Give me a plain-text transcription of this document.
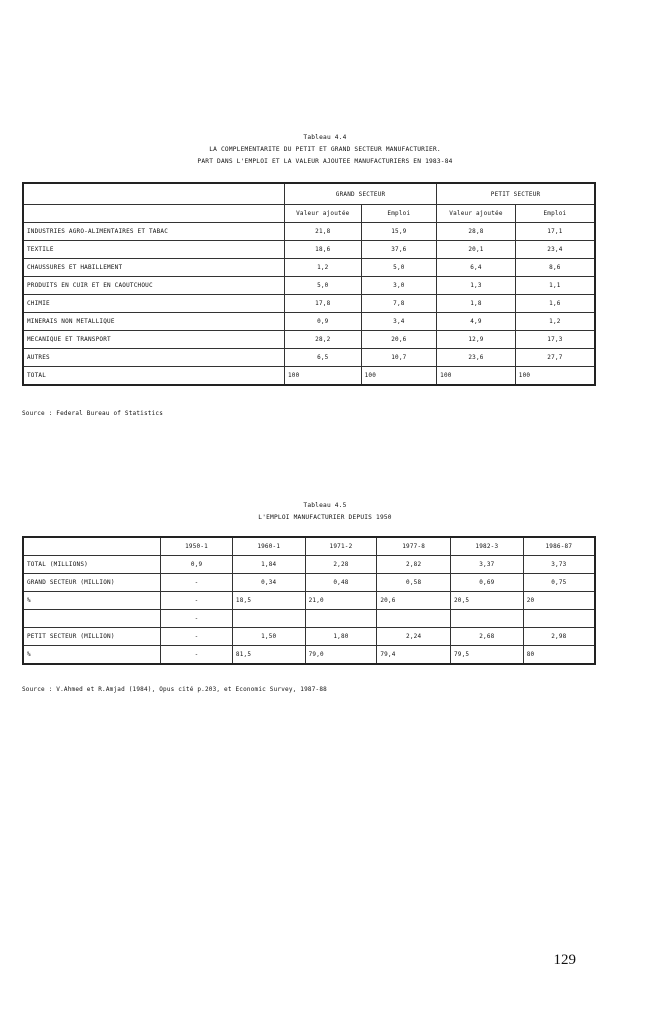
Tableau 4.4
LA COMPLEMENTARITE DU PETIT ET GRAND SECTEUR MANUFACTURIER.
PART DANS L'EMPLOI ET LA VALEUR AJOUTEE MANUFACTURIERS EN 1983-84
	GRAND SECTEUR		PETIT SECTEUR	
	Valeur ajoutée	Emploi	Valeur ajoutée	Emploi
INDUSTRIES AGRO-ALIMENTAIRES ET TABAC	21,8	15,9	28,8	17,1
TEXTILE	18,6	37,6	20,1	23,4
CHAUSSURES ET HABILLEMENT	1,2	5,0	6,4	8,6
PRODUITS EN CUIR ET EN CAOUTCHOUC	5,0	3,0	1,3	1,1
CHIMIE	17,8	7,8	1,8	1,6
MINERAIS NON METALLIQUE	0,9	3,4	4,9	1,2
MECANIQUE ET TRANSPORT	28,2	20,6	12,9	17,3
AUTRES	6,5	10,7	23,6	27,7
TOTAL	100	100	100	100
Source : Federal Bureau of Statistics
Tableau 4.5
L'EMPLOI MANUFACTURIER DEPUIS 1950
	1950-1	1960-1	1971-2	1977-8	1982-3	1986-87
TOTAL (MILLIONS)	0,9	1,84	2,28	2,82	3,37	3,73
GRAND SECTEUR (MILLION)	-	0,34	0,48	0,58	0,69	0,75
%	-	18,5	21,0	20,6	20,5	20
	-					
PETIT SECTEUR (MILLION)	-	1,50	1,80	2,24	2,68	2,98
%	-	81,5	79,0	79,4	79,5	80
Source : V.Ahmed et R.Amjad (1984), Opus cité p.203, et Economic Survey, 1987-88
129
